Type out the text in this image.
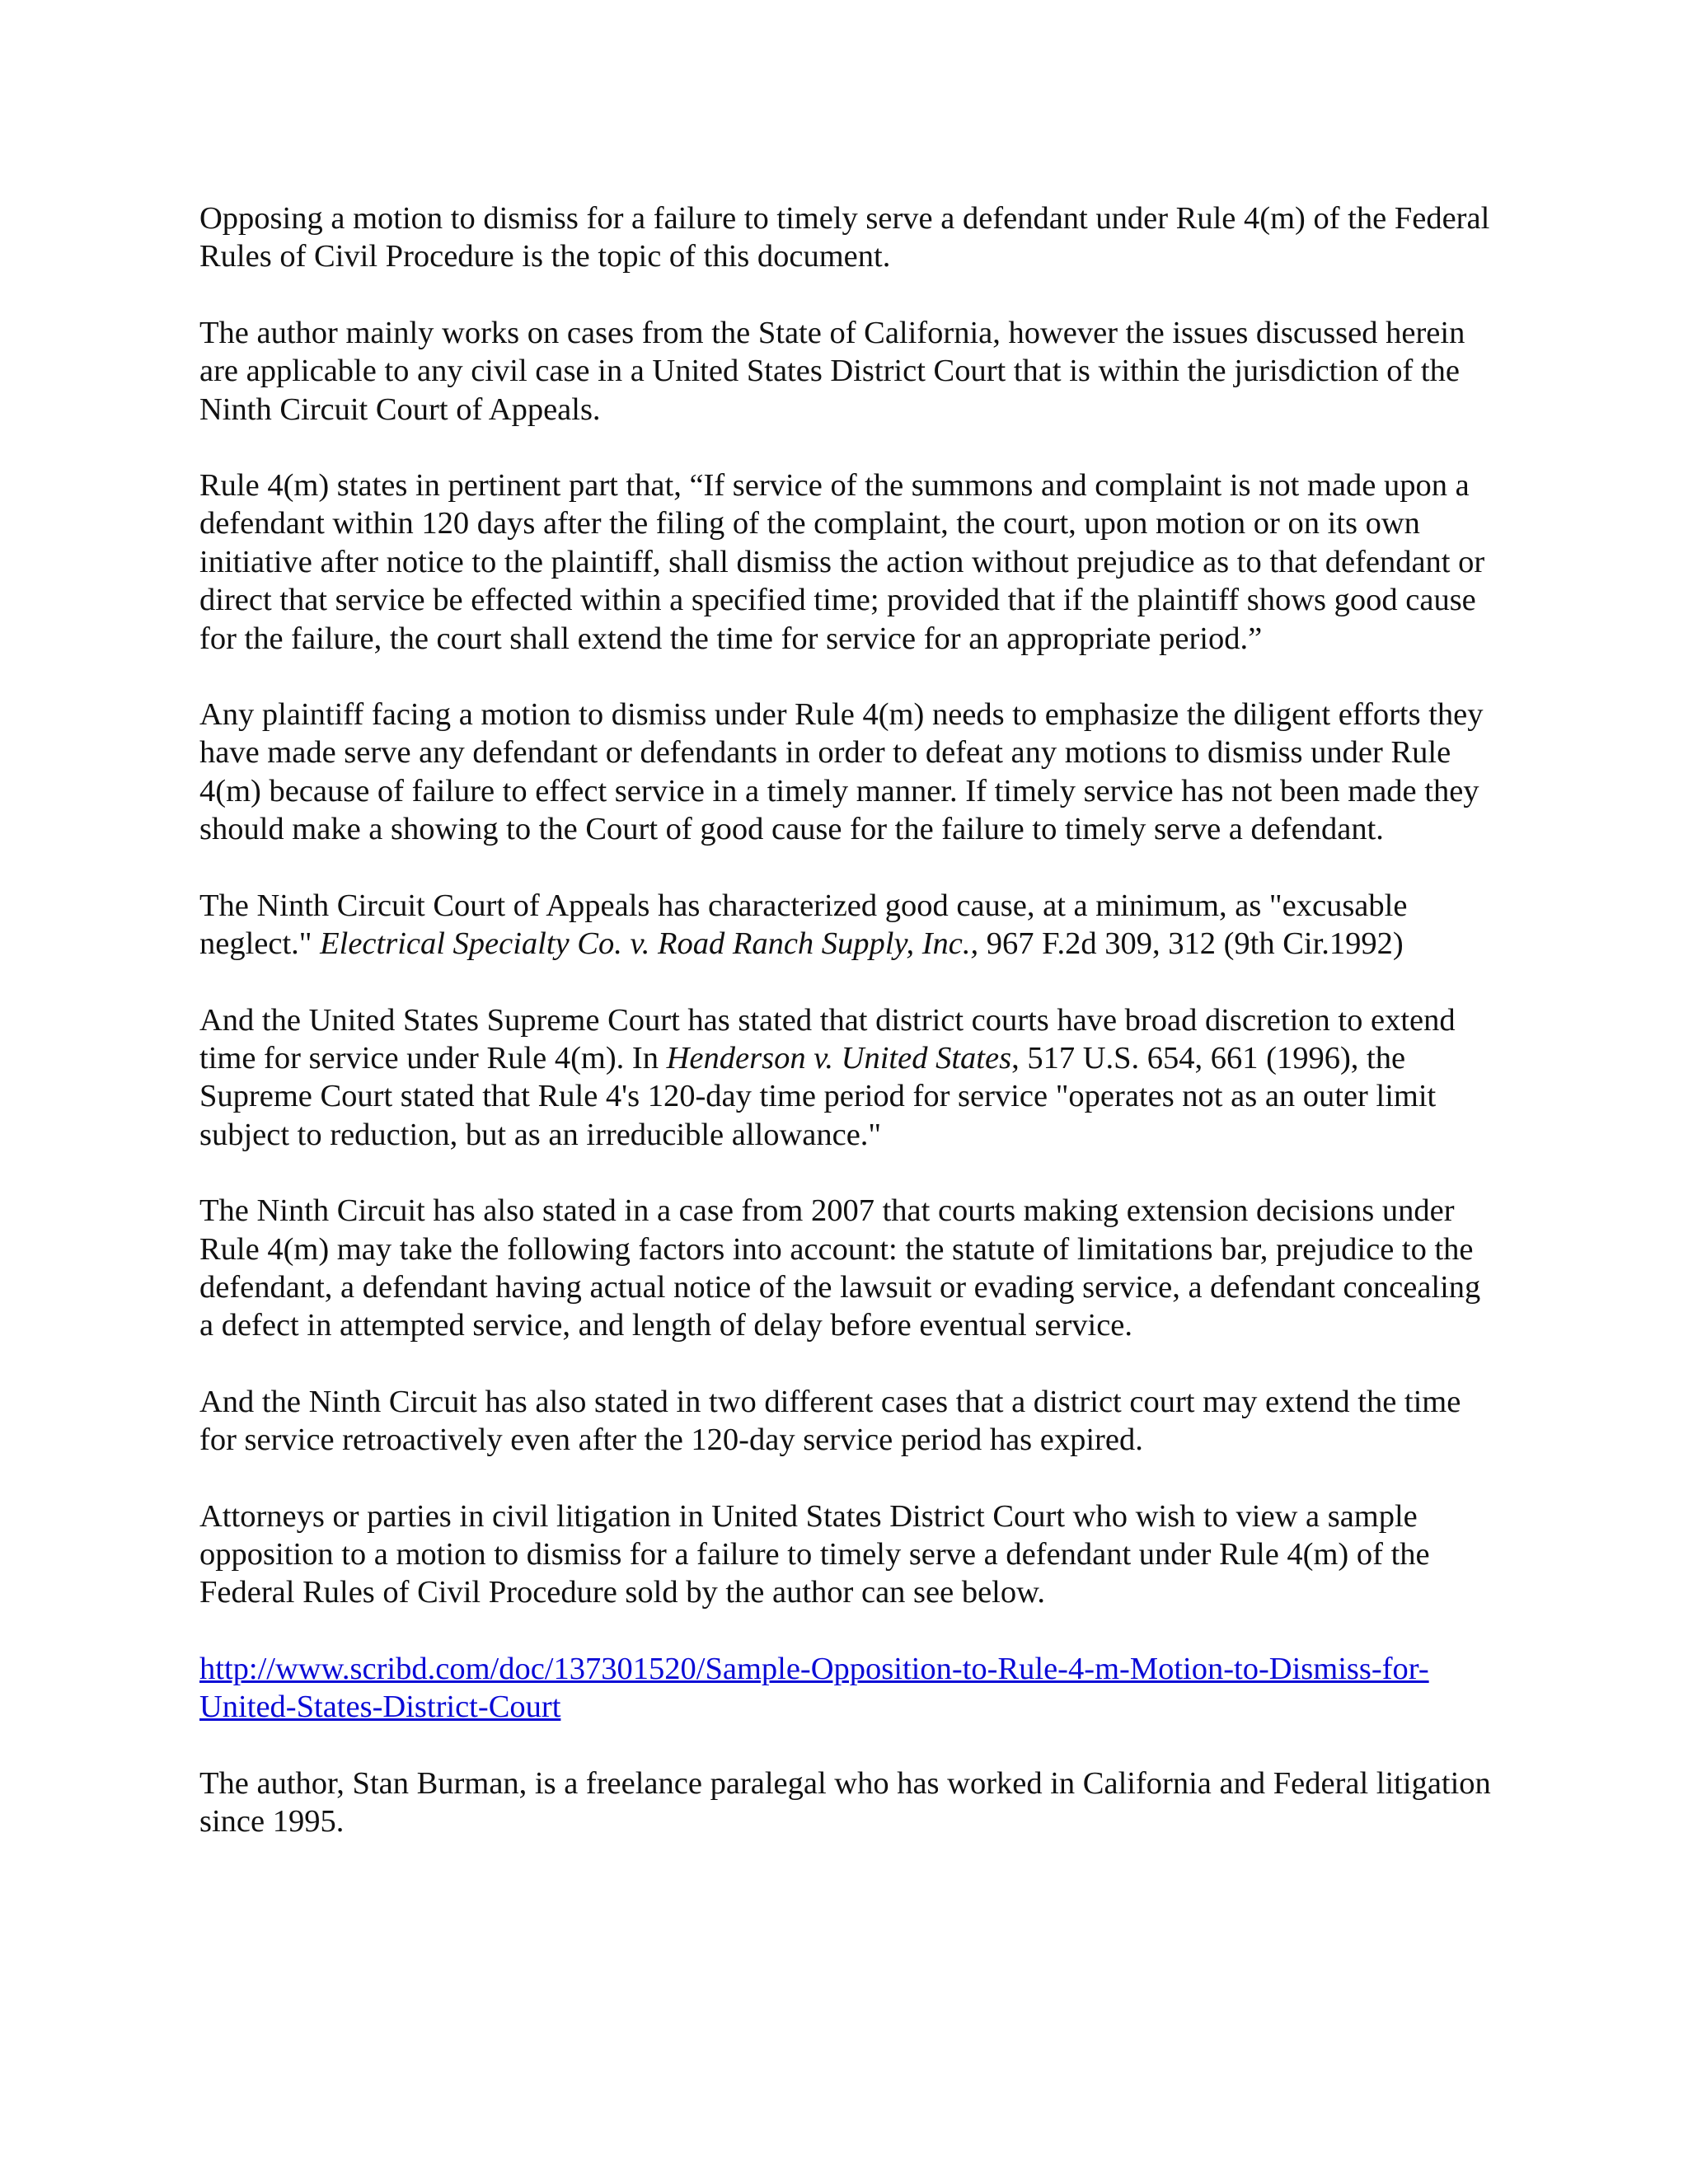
Opposing a motion to dismiss for a failure to timely serve a defendant under Rule 4(m) of the Federal Rules of Civil Procedure is the topic of this document.

The author mainly works on cases from the State of California, however the issues discussed herein are applicable to any civil case in a United States District Court that is within the jurisdiction of the Ninth Circuit Court of Appeals.

Rule 4(m) states in pertinent part that, “If service of the summons and complaint is not made upon a defendant within 120 days after the filing of the complaint, the court, upon motion or on its own initiative after notice to the plaintiff, shall dismiss the action without prejudice as to that defendant or direct that service be effected within a specified time; provided that if the plaintiff shows good cause for the failure, the court shall extend the time for service for an appropriate period.”

Any plaintiff facing a motion to dismiss under Rule 4(m) needs to emphasize the diligent efforts they have made serve any defendant or defendants in order to defeat any motions to dismiss under Rule 4(m) because of failure to effect service in a timely manner. If timely service has not been made they should make a showing to the Court of good cause for the failure to timely serve a defendant.

The Ninth Circuit Court of Appeals has characterized good cause, at a minimum, as "excusable neglect." Electrical Specialty Co. v. Road Ranch Supply, Inc., 967 F.2d 309, 312 (9th Cir.1992)

And the United States Supreme Court has stated that district courts have broad discretion to extend time for service under Rule 4(m). In Henderson v. United States, 517 U.S. 654, 661 (1996), the Supreme Court stated that Rule 4's 120-day time period for service "operates not as an outer limit subject to reduction, but as an irreducible allowance."

The Ninth Circuit has also stated in a case from 2007 that courts making extension decisions under Rule 4(m) may take the following factors into account: the statute of limitations bar, prejudice to the defendant, a defendant having actual notice of the lawsuit or evading service, a defendant concealing a defect in attempted service, and length of delay before eventual service.

And the Ninth Circuit has also stated in two different cases that a district court may extend the time for service retroactively even after the 120-day service period has expired.

Attorneys or parties in civil litigation in United States District Court who wish to view a sample opposition to a motion to dismiss for a failure to timely serve a defendant under Rule 4(m) of the Federal Rules of Civil Procedure sold by the author can see below.

http://www.scribd.com/doc/137301520/Sample-Opposition-to-Rule-4-m-Motion-to-Dismiss-for-
United-States-District-Court

The author, Stan Burman, is a freelance paralegal who has worked in California and Federal litigation since 1995.
